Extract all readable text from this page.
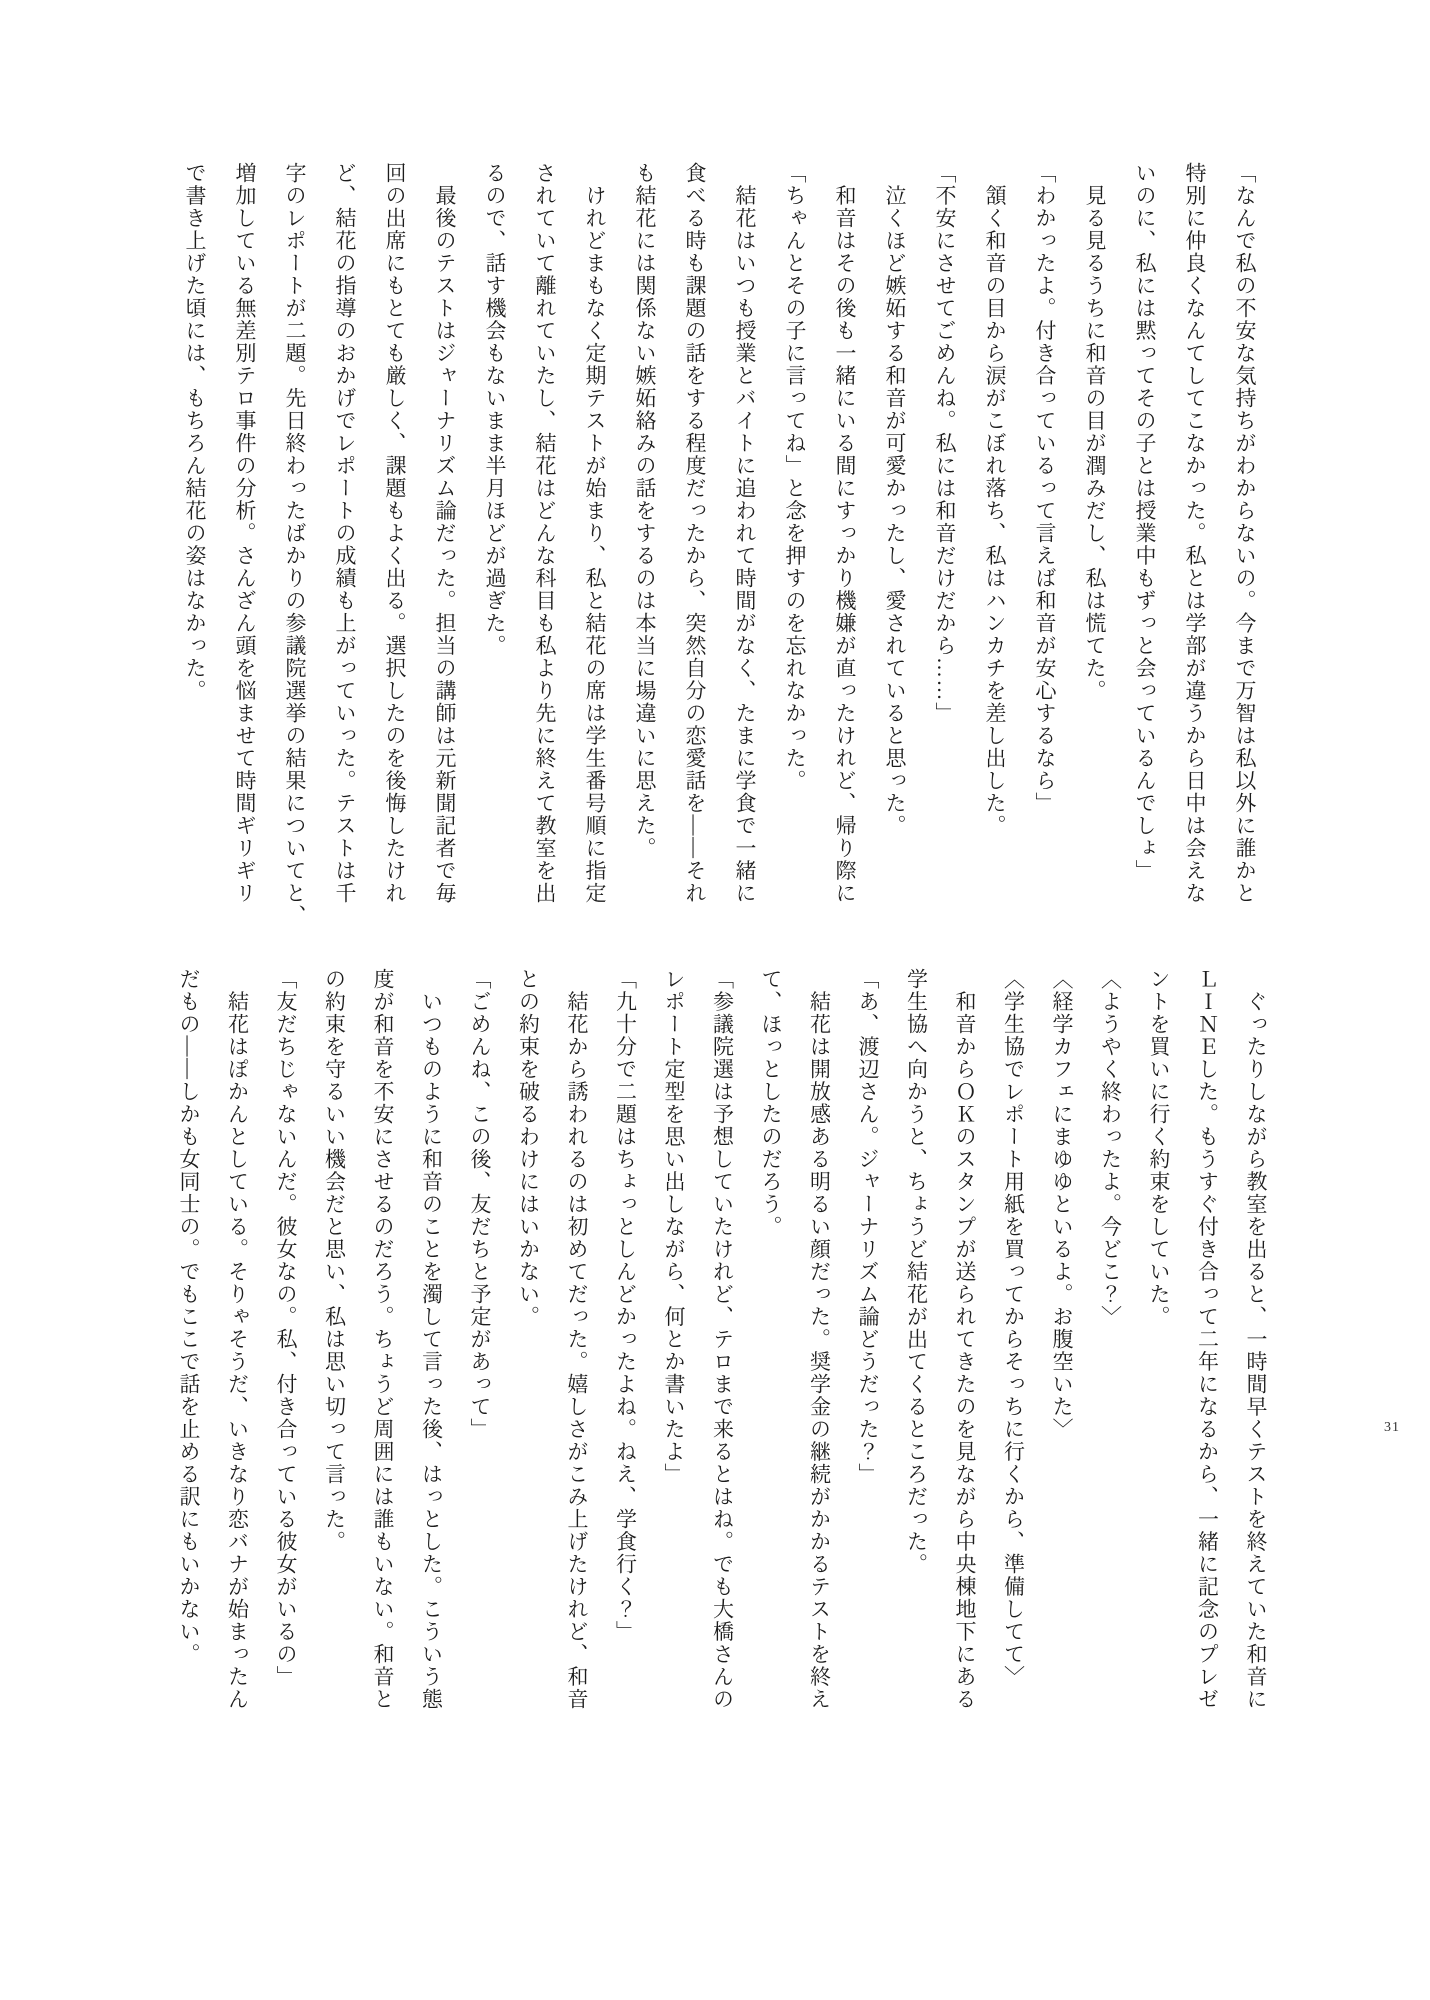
「なんで私の不安な気持ちがわからないの。今まで万智は私以外に誰かと
特別に仲良くなんてしてこなかった。私とは学部が違うから日中は会えな
いのに、私には黙ってその子とは授業中もずっと会っているんでしょ」
　見る見るうちに和音の目が潤みだし、私は慌てた。
「わかったよ。付き合っているって言えば和音が安心するなら」
　頷く和音の目から涙がこぼれ落ち、私はハンカチを差し出した。
「不安にさせてごめんね。私には和音だけだから……」
　泣くほど嫉妬する和音が可愛かったし、愛されていると思った。
　和音はその後も一緒にいる間にすっかり機嫌が直ったけれど、帰り際に
「ちゃんとその子に言ってね」と念を押すのを忘れなかった。
　結花はいつも授業とバイトに追われて時間がなく、たまに学食で一緒に
食べる時も課題の話をする程度だったから、突然自分の恋愛話を——それ
も結花には関係ない嫉妬絡みの話をするのは本当に場違いに思えた。
　けれどまもなく定期テストが始まり、私と結花の席は学生番号順に指定
されていて離れていたし、結花はどんな科目も私より先に終えて教室を出
るので、話す機会もないまま半月ほどが過ぎた。
　最後のテストはジャーナリズム論だった。担当の講師は元新聞記者で毎
回の出席にもとても厳しく、課題もよく出る。選択したのを後悔したけれ
ど、結花の指導のおかげでレポートの成績も上がっていった。テストは千
字のレポートが二題。先日終わったばかりの参議院選挙の結果についてと、
増加している無差別テロ事件の分析。さんざん頭を悩ませて時間ギリギリ
で書き上げた頃には、もちろん結花の姿はなかった。
　ぐったりしながら教室を出ると、一時間早くテストを終えていた和音に
ＬＩＮＥした。もうすぐ付き合って二年になるから、一緒に記念のプレゼ
ントを買いに行く約束をしていた。
〈ようやく終わったよ。今どこ？〉
〈経学カフェにまゆゆといるよ。お腹空いた〉
〈学生協でレポート用紙を買ってからそっちに行くから、準備してて〉
　和音からＯＫのスタンプが送られてきたのを見ながら中央棟地下にある
学生協へ向かうと、ちょうど結花が出てくるところだった。
「あ、渡辺さん。ジャーナリズム論どうだった？」
　結花は開放感ある明るい顔だった。奨学金の継続がかかるテストを終え
て、ほっとしたのだろう。
「参議院選は予想していたけれど、テロまで来るとはね。でも大橋さんの
レポート定型を思い出しながら、何とか書いたよ」
「九十分で二題はちょっとしんどかったよね。ねえ、学食行く？」
　結花から誘われるのは初めてだった。嬉しさがこみ上げたけれど、和音
との約束を破るわけにはいかない。
「ごめんね、この後、友だちと予定があって」
　いつものように和音のことを濁して言った後、はっとした。こういう態
度が和音を不安にさせるのだろう。ちょうど周囲には誰もいない。和音と
の約束を守るいい機会だと思い、私は思い切って言った。
「友だちじゃないんだ。彼女なの。私、付き合っている彼女がいるの」
　結花はぽかんとしている。そりゃそうだ、いきなり恋バナが始まったん
だもの——しかも女同士の。でもここで話を止める訳にもいかない。	31
